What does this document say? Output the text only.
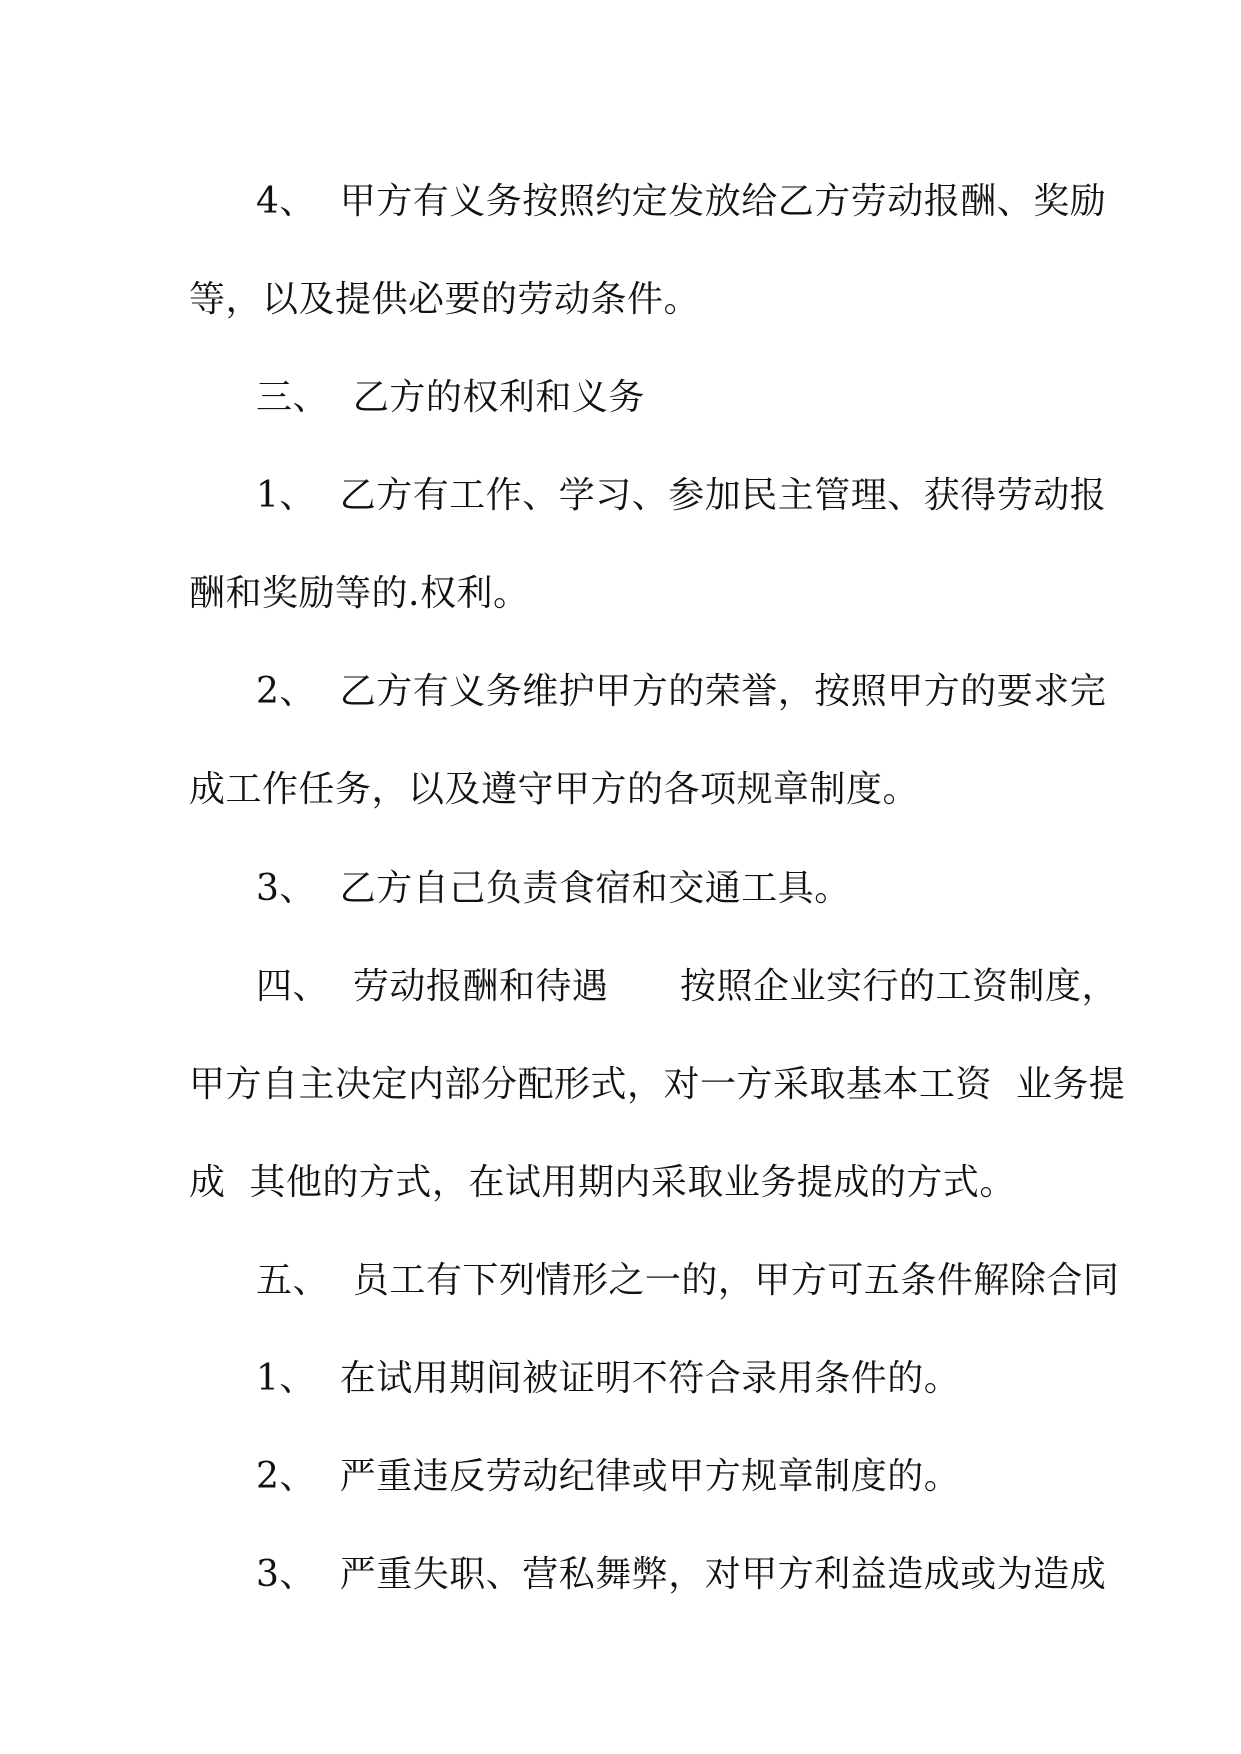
4、  甲方有义务按照约定发放给乙方劳动报酬、奖励
等，以及提供必要的劳动条件。
三、  乙方的权利和义务
1、  乙方有工作、学习、参加民主管理、获得劳动报
酬和奖励等的.权利。
2、  乙方有义务维护甲方的荣誉，按照甲方的要求完
成工作任务，以及遵守甲方的各项规章制度。
3、  乙方自己负责食宿和交通工具。
四、  劳动报酬和待遇      按照企业实行的工资制度，
甲方自主决定内部分配形式，对一方采取基本工资  业务提
成  其他的方式，在试用期内采取业务提成的方式。
五、  员工有下列情形之一的，甲方可五条件解除合同
1、  在试用期间被证明不符合录用条件的。
2、  严重违反劳动纪律或甲方规章制度的。
3、  严重失职、营私舞弊，对甲方利益造成或为造成
